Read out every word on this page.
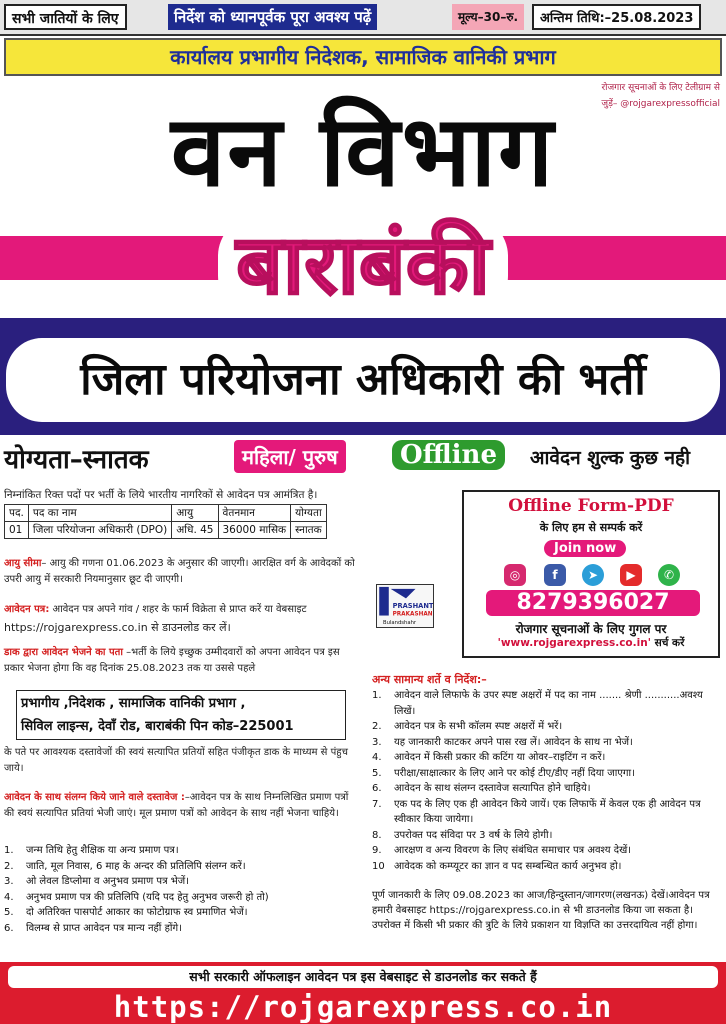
सभी जातियों के लिए	निर्देश को ध्यानपूर्वक पूरा अवश्य पढ़ें	मूल्य–30–रु.	अन्तिम तिथि:–25.08.2023
कार्यालय प्रभागीय निदेशक, सामाजिक वानिकी प्रभाग
रोजगार सूचनाओं के लिए टेलीग्राम से
जुड़ें– @rojgarexpressofficial
वन विभाग
बाराबंकी
जिला परियोजना अधिकारी की भर्ती
योग्यता–स्नातक	महिला/ पुरुष	Offline	आवेदन शुल्क कुछ नही
निम्नांकित रिक्त पदों पर भर्ती के लिये भारतीय नागरिकों से आवेदन पत्र आमंत्रित है।
पद.	पद का नाम	आयु	वेतनमान	योग्यता
01	जिला परियोजना अधिकारी (DPO)	अधि. 45	36000 मासिक	स्नातक
आयु सीमा– आयु की गणना 01.06.2023 के अनुसार की जाएगी। आरक्षित वर्ग के आवेदकों को उपरी आयु में सरकारी नियमानुसार छूट दी जाएगी।
आवेदन पत्र: आवेदन पत्र अपने गांव / शहर के फार्म विक्रेता से प्राप्त करें या वेबसाइट
https://rojgarexpress.co.in से डाउनलोड कर लें।
डाक द्वारा आवेदन भेजने का पता –भर्ती के लिये इच्छुक उम्मीदवारों को अपना आवेदन पत्र इस प्रकार भेजना होगा कि वह दिनांक 25.08.2023 तक या उससे पहले
प्रभागीय ,निदेशक , सामाजिक वानिकी प्रभाग ,
सिविल लाइन्स, देवाँ रोड, बाराबंकी पिन कोड–225001
के पते पर आवश्यक दस्तावेजों की स्वयं सत्यापित प्रतियों सहित पंजीकृत डाक के माध्यम से पंहुच जाये।
आवेदन के साथ संलग्न किये जाने वाले दस्तावेज :–आवेदन पत्र के साथ निम्नलिखित प्रमाण पत्रों की स्वयं सत्यापित प्रतियां भेजी जाएं। मूल प्रमाण पत्रों को आवेदन के साथ नहीं भेजना चाहिये।
1.	जन्म तिथि हेतु शैक्षिक या अन्य प्रमाण पत्र।
2.	जाति, मूल निवास, 6 माह के अन्दर की प्रतिलिपि संलग्न करें।
3.	ओ लेवल डिप्लोमा व अनुभव प्रमाण पत्र भेजें।
4.	अनुभव प्रमाण पत्र की प्रतिलिपि (यदि पद हेतु अनुभव जरूरी हो तो)
5.	दो अतिरिक्त पासपोर्ट आकार का फोटोग्राफ स्व प्रमाणित भेजें।
6.	विलम्ब से प्राप्त आवेदन पत्र मान्य नहीं होंगे।
PRASHANT
PRAKASHAN
Bulandshahr
Offline Form-PDF
के लिए हम से सम्पर्क करें
Join now
◎	f	➤	▶	✆
8279396027
रोजगार सूचनाओं के लिए गुगल पर
'www.rojgarexpress.co.in' सर्च करें
अन्य सामान्य शर्ते व निर्देश:–
1.	आवेदन वाले लिफाफे के उपर स्पष्ट अक्षरों में पद का नाम ....... श्रेणी ...........अवश्य लिखें।
2.	आवेदन पत्र के सभी कॉलम स्पष्ट अक्षरों में भरें।
3.	यह जानकारी काटकर अपने पास रख लें। आवेदन के साथ ना भेजें।
4.	आवेदन में किसी प्रकार की कटिंग या ओवर–राइटिंग न करें।
5.	परीक्षा/साक्षात्कार के लिए आने पर कोई टीए/डीए नहीं दिया जाएगा।
6.	आवेदन के साथ संलग्न दस्तावेज सत्यापित होने चाहिये।
7.	एक पद के लिए एक ही आवेदन किये जायें। एक लिफाफें में केवल एक ही आवेदन पत्र स्वीकार किया जायेगा।
8.	उपरोक्त पद संविदा पर 3 वर्ष के लिये होगी।
9.	आरक्षण व अन्य विवरण के लिए संबंधित समाचार पत्र अवश्य देखें।
10 आवेदक को कम्प्यूटर का ज्ञान व पद सम्बन्धित कार्य अनुभव हो।
पूर्ण जानकारी के लिए 09.08.2023 का आज/हिन्दुस्तान/जागरण(लखनऊ) देखें।आवेदन पत्र हमारी वेबसाइट https://rojgarexpress.co.in से भी डाउनलोड किया जा सकता है। उपरोक्त में किसी भी प्रकार की त्रुटि के लिये प्रकाशन या विज्ञप्ति का उत्तरदायित्व नहीं होगा।
सभी सरकारी ऑफलाइन आवेदन पत्र इस वेबसाइट से डाउनलोड कर सकते हैं
https://rojgarexpress.co.in
